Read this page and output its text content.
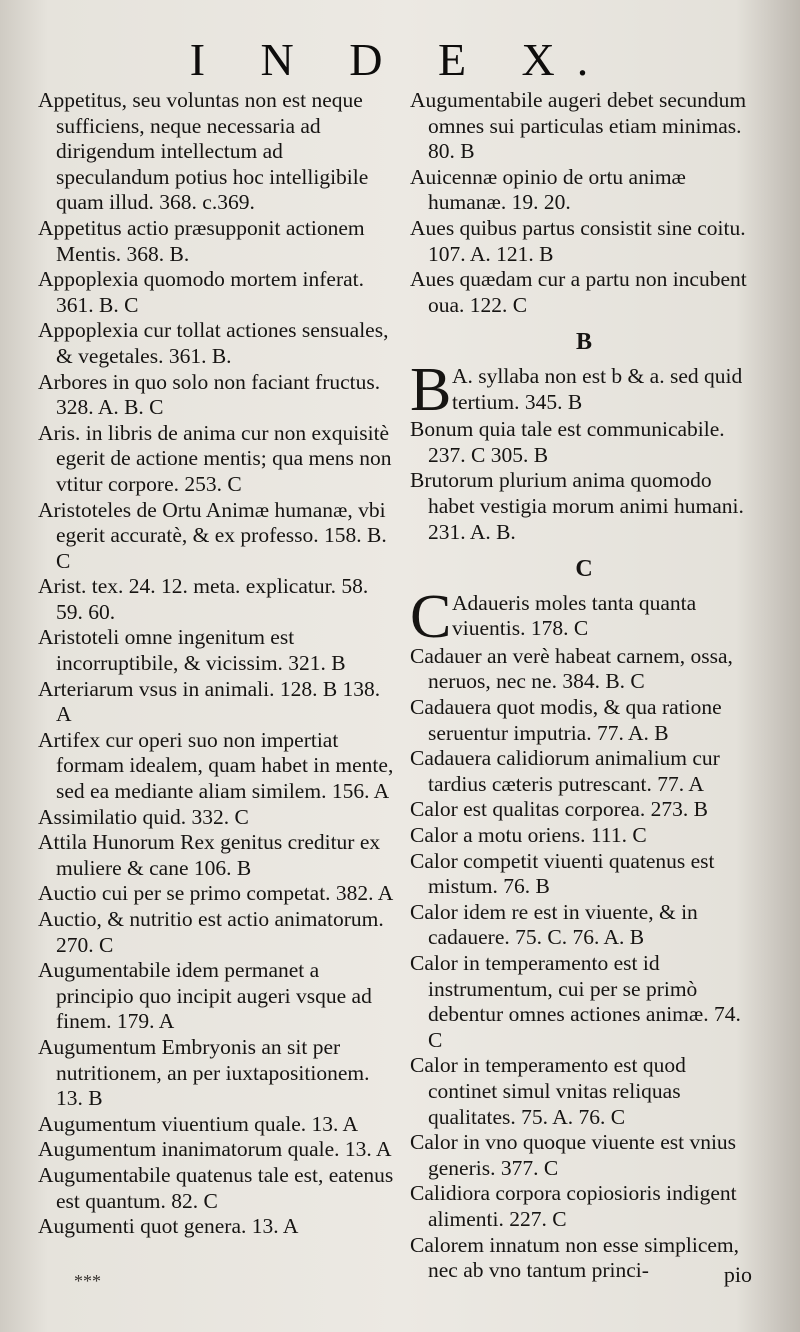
I N D E X.

Appetitus, seu voluntas non est neque sufficiens, neque necessaria ad dirigendum intellectum ad speculandum potius hoc intelligibile quam illud. 368. c.369.

Appetitus actio præsupponit actionem Mentis. 368. B.

Appoplexia quomodo mortem inferat. 361. B. C

Appoplexia cur tollat actiones sensuales, & vegetales. 361. B.

Arbores in quo solo non faciant fructus. 328. A. B. C

Aris. in libris de anima cur non exquisitè egerit de actione mentis; qua mens non vtitur corpore. 253. C

Aristoteles de Ortu Animæ humanæ, vbi egerit accuratè, & ex professo. 158. B. C

Arist. tex. 24. 12. meta. explicatur. 58. 59. 60.

Aristoteli omne ingenitum est incorruptibile, & vicissim. 321. B

Arteriarum vsus in animali. 128. B 138. A

Artifex cur operi suo non impertiat formam idealem, quam habet in mente, sed ea mediante aliam similem. 156. A

Assimilatio quid. 332. C

Attila Hunorum Rex genitus creditur ex muliere & cane 106. B

Auctio cui per se primo competat. 382. A

Auctio, & nutritio est actio animatorum. 270. C

Augumentabile idem permanet a principio quo incipit augeri vsque ad finem. 179. A

Augumentum Embryonis an sit per nutritionem, an per iuxtapositionem. 13. B

Augumentum viuentium quale. 13. A

Augumentum inanimatorum quale. 13. A

Augumentabile quatenus tale est, eatenus est quantum. 82. C

Augumenti quot genera. 13. A

Augumentabile augeri debet secundum omnes sui particulas etiam minimas. 80. B

Auicennæ opinio de ortu animæ humanæ. 19. 20.

Aues quibus partus consistit sine coitu. 107. A. 121. B

Aues quædam cur a partu non incubent oua. 122. C

B
B A. syllaba non est b & a. sed quid tertium. 345. B

Bonum quia tale est communicabile. 237. C 305. B

Brutorum plurium anima quomodo habet vestigia morum animi humani. 231. A. B.

C
C Adaueris moles tanta quanta viuentis. 178. C

Cadauer an verè habeat carnem, ossa, neruos, nec ne. 384. B. C

Cadauera quot modis, & qua ratione seruentur imputria. 77. A. B

Cadauera calidiorum animalium cur tardius cæteris putrescant. 77. A

Calor est qualitas corporea. 273. B

Calor a motu oriens. 111. C

Calor competit viuenti quatenus est mistum. 76. B

Calor idem re est in viuente, & in cadauere. 75. C. 76. A. B

Calor in temperamento est id instrumentum, cui per se primò debentur omnes actiones animæ. 74. C

Calor in temperamento est quod continet simul vnitas reliquas qualitates. 75. A. 76. C

Calor in vno quoque viuente est vnius generis. 377. C

Calidiora corpora copiosioris indigent alimenti. 227. C

Calorem innatum non esse simplicem, nec ab vno tantum princi-

***	pio
